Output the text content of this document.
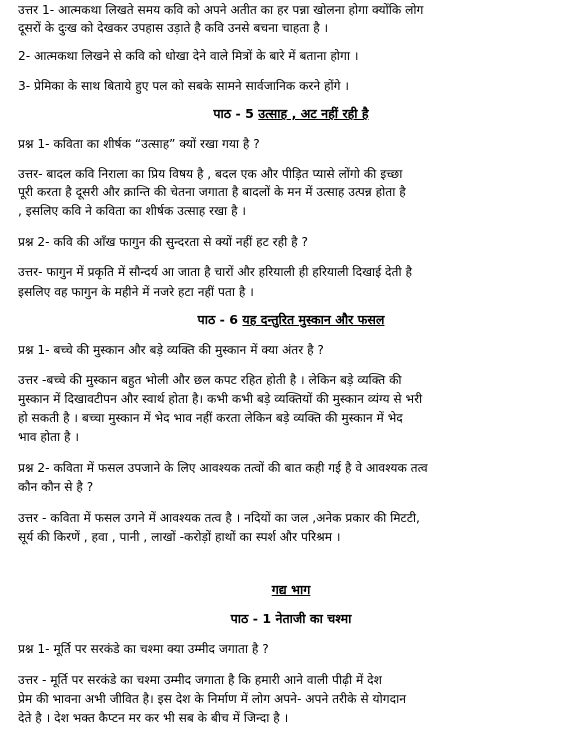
उत्तर 1- आत्मकथा लिखते समय कवि को अपने अतीत का हर पन्ना खोलना होगा क्योंकि लोग
दूसरों के दुःख को देखकर उपहास उड़ाते है कवि उनसे बचना चाहता है ।
2- आत्मकथा लिखने से कवि को धोखा देने वाले मित्रों के बारे में बताना होगा ।
3- प्रेमिका के साथ बिताये हुए पल को सबके सामने सार्वजानिक करने होंगे ।
पाठ - 5 उत्साह , अट नहीं रही है
प्रश्न 1- कविता का शीर्षक “उत्साह” क्यों रखा गया है ?
उत्तर- बादल कवि निराला का प्रिय विषय है , बदल एक और पीड़ित प्यासे लोंगो की इच्छा
पूरी करता है दूसरी और क्रान्ति की चेतना जगाता है बादलों के मन में उत्साह उत्पन्न होता है
, इसलिए कवि ने कविता का शीर्षक उत्साह रखा है ।
प्रश्न 2- कवि की आँख फागुन की सुन्दरता से क्यों नहीं हट रही है ?
उत्तर- फागुन में प्रकृति में सौन्दर्य आ जाता है चारों और हरियाली ही हरियाली दिखाई देती है
इसलिए वह फागुन के महीने में नजरे हटा नहीं पता है ।
पाठ - 6 यह दन्तुरित मुस्कान और फसल
प्रश्न 1- बच्चे की मुस्कान और बड़े व्यक्ति की मुस्कान में क्या अंतर है ?
उत्तर -बच्चे की मुस्कान बहुत भोली और छल कपट रहित होती है । लेकिन बड़े व्यक्ति की
मुस्कान में दिखावटीपन और स्वार्थ होता है। कभी कभी बड़े व्यक्तियों की मुस्कान व्यंग्य से भरी
हो सकती है । बच्चा मुस्कान में भेद भाव नहीं करता लेकिन बड़े व्यक्ति की मुस्कान में भेद
भाव होता है ।
प्रश्न 2- कविता में फसल उपजाने के लिए आवश्यक तत्वों की बात कही गई है वे आवश्यक तत्व
कौन कौन से है ?
उत्तर - कविता में फसल उगने में आवश्यक तत्व है । नदियों का जल ,अनेक प्रकार की मिटटी,
सूर्य की किरणें , हवा , पानी , लाखों -करोड़ों हाथों का स्पर्श और परिश्रम ।
गद्य भाग
पाठ - 1 नेताजी का चश्मा
प्रश्न 1- मूर्ति पर सरकंडे का चश्मा क्या उम्मीद जगाता है ?
उत्तर - मूर्ति पर सरकंडे का चश्मा उम्मीद जगाता है कि हमारी आने वाली पीढ़ी में देश
प्रेम की भावना अभी जीवित है। इस देश के निर्माण में लोग अपने- अपने तरीके से योगदान
देते है । देश भक्त कैप्टन मर कर भी सब के बीच में जिन्दा है ।
